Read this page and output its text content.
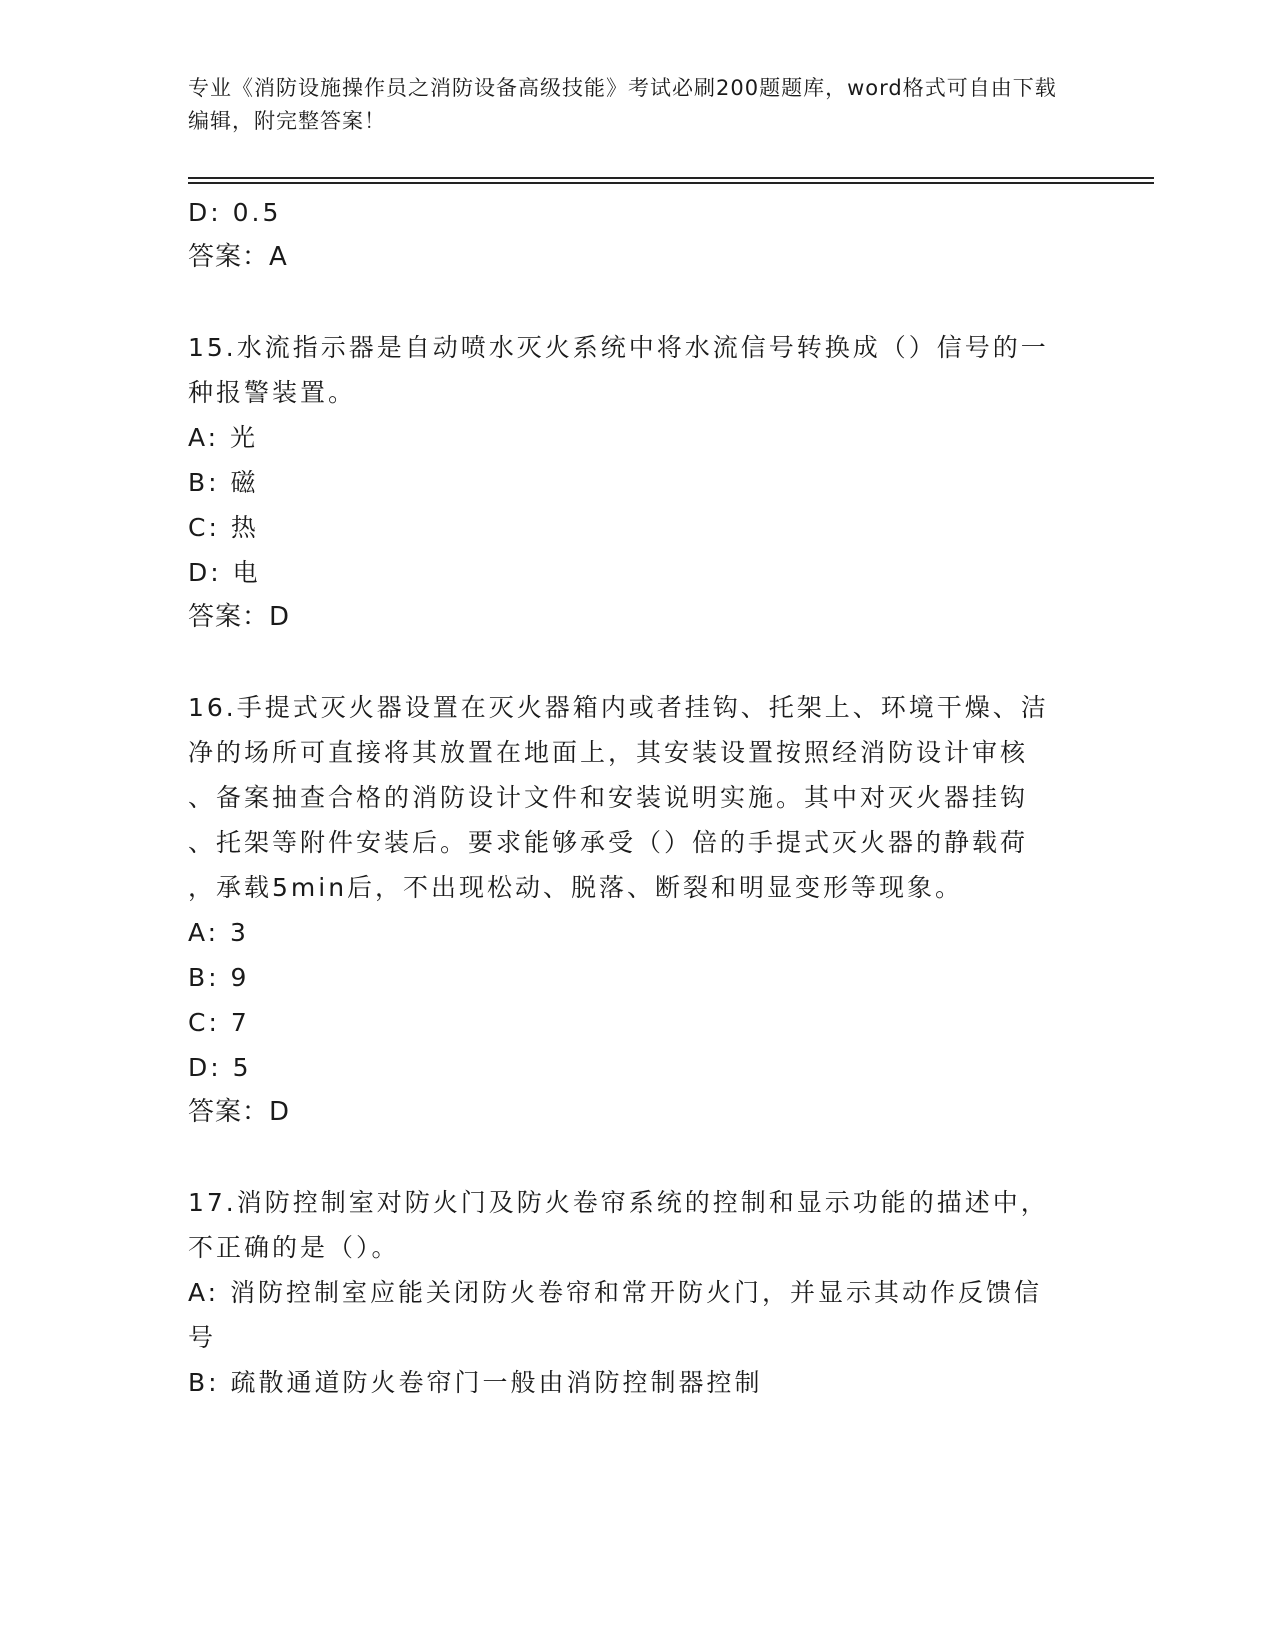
专业《消防设施操作员之消防设备高级技能》考试必刷200题题库，word格式可自由下载编辑，附完整答案！

D: 0.5

答案：A

15.水流指示器是自动喷水灭火系统中将水流信号转换成（）信号的一

种报警装置。

A: 光

B: 磁

C: 热

D: 电

答案：D

16.手提式灭火器设置在灭火器箱内或者挂钩、托架上、环境干燥、洁

净的场所可直接将其放置在地面上，其安装设置按照经消防设计审核

、备案抽查合格的消防设计文件和安装说明实施。其中对灭火器挂钩

、托架等附件安装后。要求能够承受（）倍的手提式灭火器的静载荷

，承载5min后，不出现松动、脱落、断裂和明显变形等现象。

A: 3

B: 9

C: 7

D: 5

答案：D

17.消防控制室对防火门及防火卷帘系统的控制和显示功能的描述中，

不正确的是（）。

A: 消防控制室应能关闭防火卷帘和常开防火门，并显示其动作反馈信

号

B: 疏散通道防火卷帘门一般由消防控制器控制
